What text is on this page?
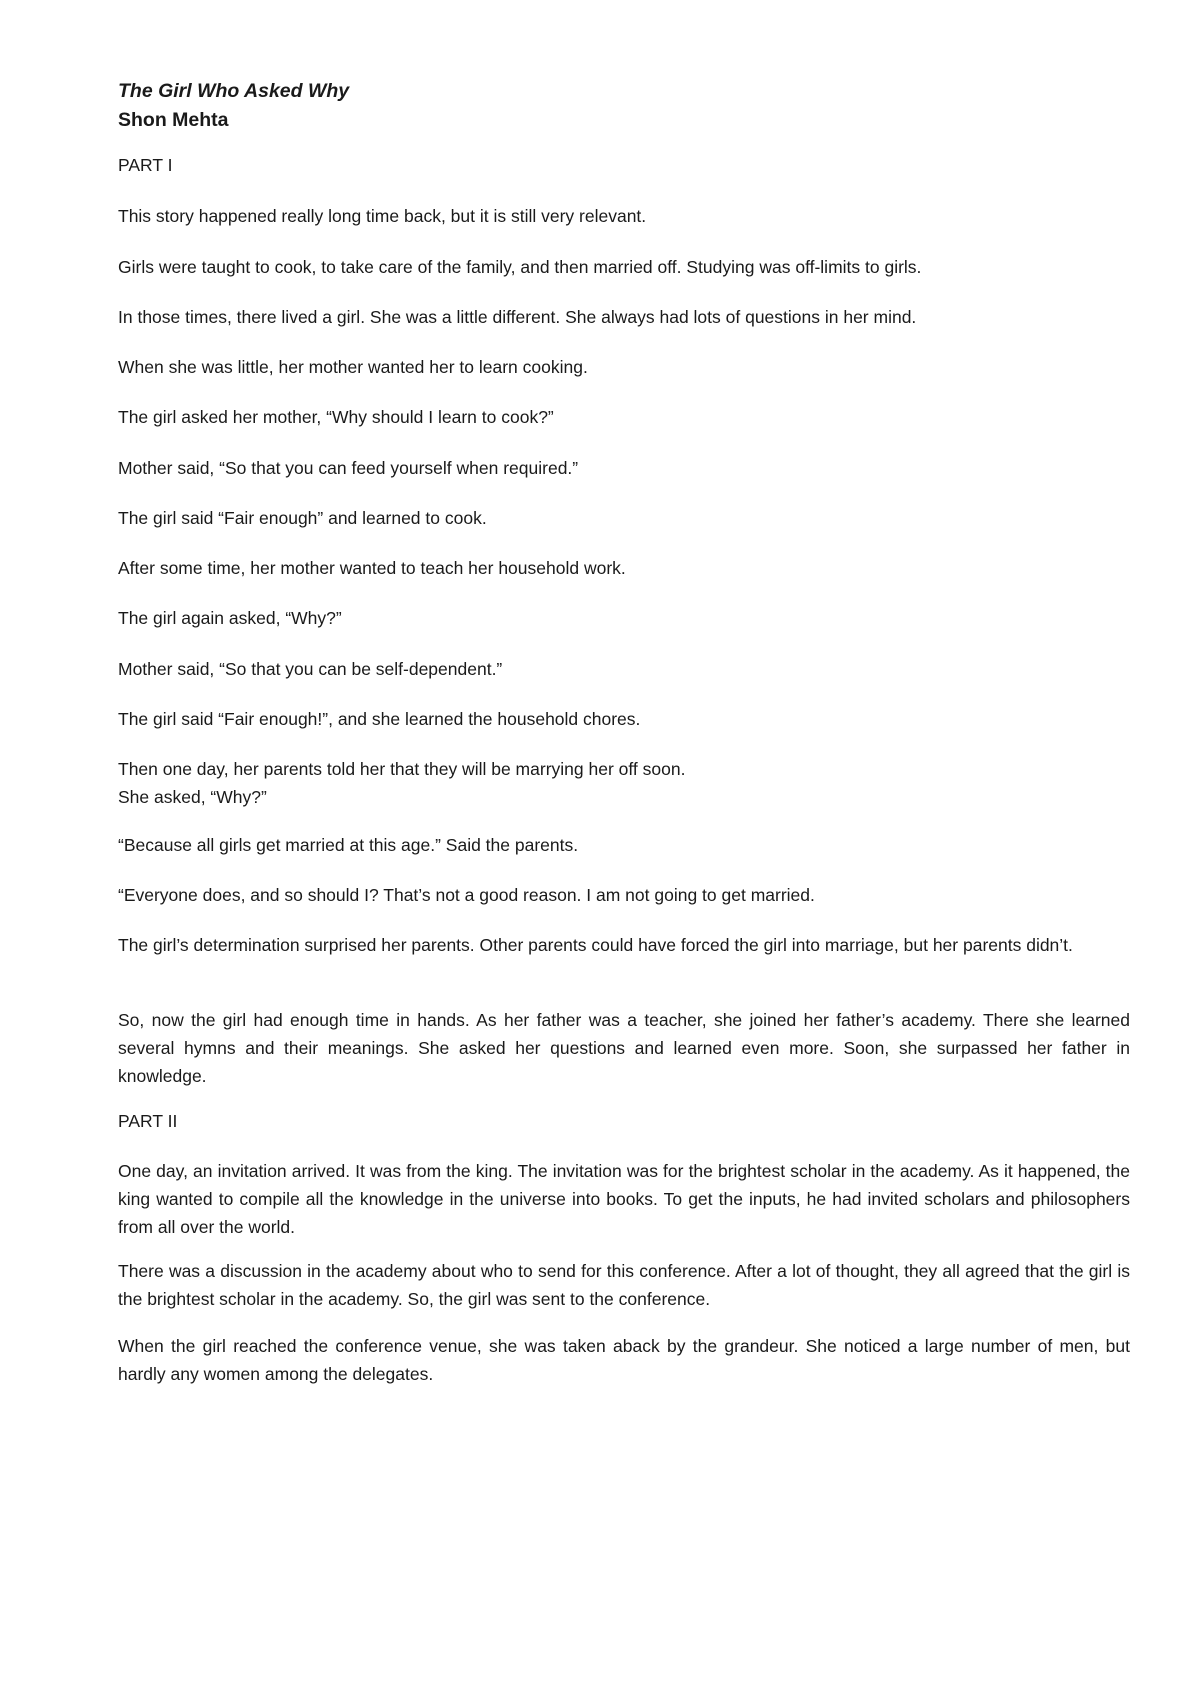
The Girl Who Asked Why

Shon Mehta

PART I

This story happened really long time back, but it is still very relevant.

Girls were taught to cook, to take care of the family, and then married off. Studying was off-limits to girls.

In those times, there lived a girl. She was a little different. She always had lots of questions in her mind.

When she was little, her mother wanted her to learn cooking.

The girl asked her mother, “Why should I learn to cook?”

Mother said, “So that you can feed yourself when required.”

The girl said “Fair enough” and learned to cook.

After some time, her mother wanted to teach her household work.

The girl again asked, “Why?”

Mother said, “So that you can be self-dependent.”

The girl said “Fair enough!”, and she learned the household chores.

Then one day, her parents told her that they will be marrying her off soon.
She asked, “Why?”

“Because all girls get married at this age.” Said the parents.

“Everyone does, and so should I? That’s not a good reason. I am not going to get married.

The girl’s determination surprised her parents. Other parents could have forced the girl into marriage, but her parents didn’t.

So, now the girl had enough time in hands. As her father was a teacher, she joined her father’s academy. There she learned several hymns and their meanings. She asked her questions and learned even more. Soon, she surpassed her father in knowledge.

PART II

One day, an invitation arrived. It was from the king. The invitation was for the brightest scholar in the academy. As it happened, the king wanted to compile all the knowledge in the universe into books. To get the inputs, he had invited scholars and philosophers from all over the world.

There was a discussion in the academy about who to send for this conference. After a lot of thought, they all agreed that the girl is the brightest scholar in the academy. So, the girl was sent to the conference.

When the girl reached the conference venue, she was taken aback by the grandeur. She noticed a large number of men, but hardly any women among the delegates.
